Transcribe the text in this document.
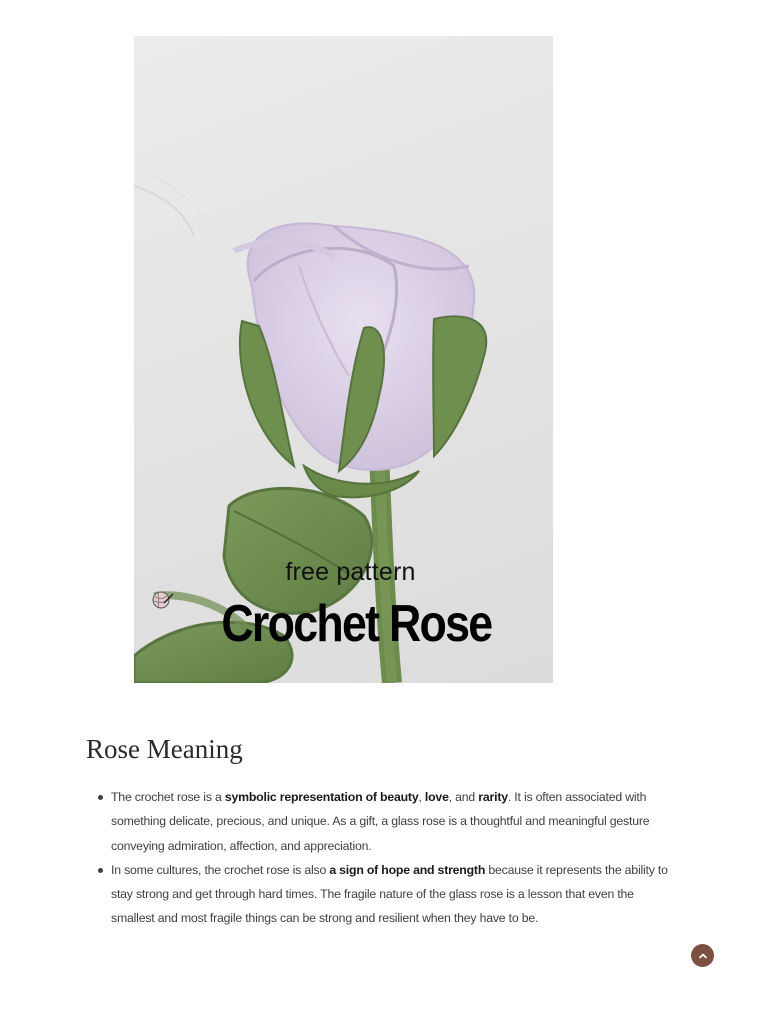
free pattern
Crochet Rose
Rose Meaning
The crochet rose is a symbolic representation of beauty, love, and rarity. It is often associated with something delicate, precious, and unique. As a gift, a glass rose is a thoughtful and meaningful gesture conveying admiration, affection, and appreciation.
In some cultures, the crochet rose is also a sign of hope and strength because it represents the ability to stay strong and get through hard times. The fragile nature of the glass rose is a lesson that even the smallest and most fragile things can be strong and resilient when they have to be.
